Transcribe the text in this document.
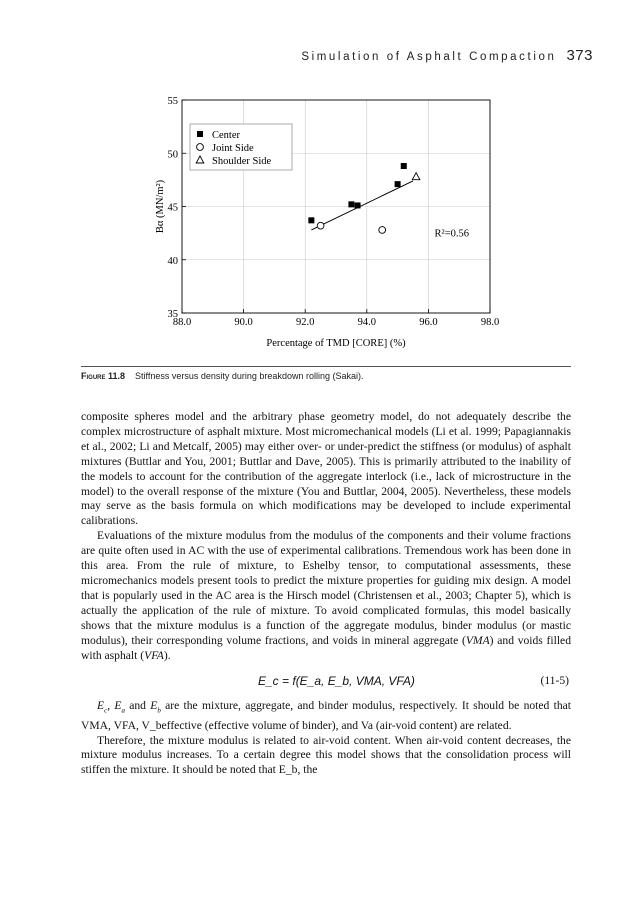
Simulation of Asphalt Compaction 373
88.0	90.0	92.0	94.0	96.0	98.0
35
40
45
50
55
Percentage of TMD [CORE] (%)
Bα (MN/m²)
Center
Joint Side
Shoulder Side
R²=0.56
Figure 11.8 Stiffness versus density during breakdown rolling (Sakai).

composite spheres model and the arbitrary phase geometry model, do not adequately describe the complex microstructure of asphalt mixture. Most micromechanical models (Li et al. 1999; Papagiannakis et al., 2002; Li and Metcalf, 2005) may either over- or under-predict the stiffness (or modulus) of asphalt mixtures (Buttlar and You, 2001; Buttlar and Dave, 2005). This is primarily attributed to the inability of the models to account for the contribution of the aggregate interlock (i.e., lack of microstructure in the model) to the overall response of the mixture (You and Buttlar, 2004, 2005). Nevertheless, these models may serve as the basis formula on which modifications may be developed to include experimental calibrations.

Evaluations of the mixture modulus from the modulus of the components and their volume fractions are quite often used in AC with the use of experimental calibrations. Tremendous work has been done in this area. From the rule of mixture, to Eshelby tensor, to computational assessments, these micromechanics models present tools to predict the mixture properties for guiding mix design. A model that is popularly used in the AC area is the Hirsch model (Christensen et al., 2003; Chapter 5), which is actually the application of the rule of mixture. To avoid complicated formulas, this model basically shows that the mixture modulus is a function of the aggregate modulus, binder modulus (or mastic modulus), their corresponding volume fractions, and voids in mineral aggregate (VMA) and voids filled with asphalt (VFA).

E_c = f(E_a, E_b, VMA, VFA)	(11-5)

$E_c$, $E_a$ and $E_b$ are the mixture, aggregate, and binder modulus, respectively. It should be noted that VMA, VFA, V_beffective (effective volume of binder), and Va (air-void content) are related.

Therefore, the mixture modulus is related to air-void content. When air-void content decreases, the mixture modulus increases. To a certain degree this model shows that the consolidation process will stiffen the mixture. It should be noted that E_b, the
